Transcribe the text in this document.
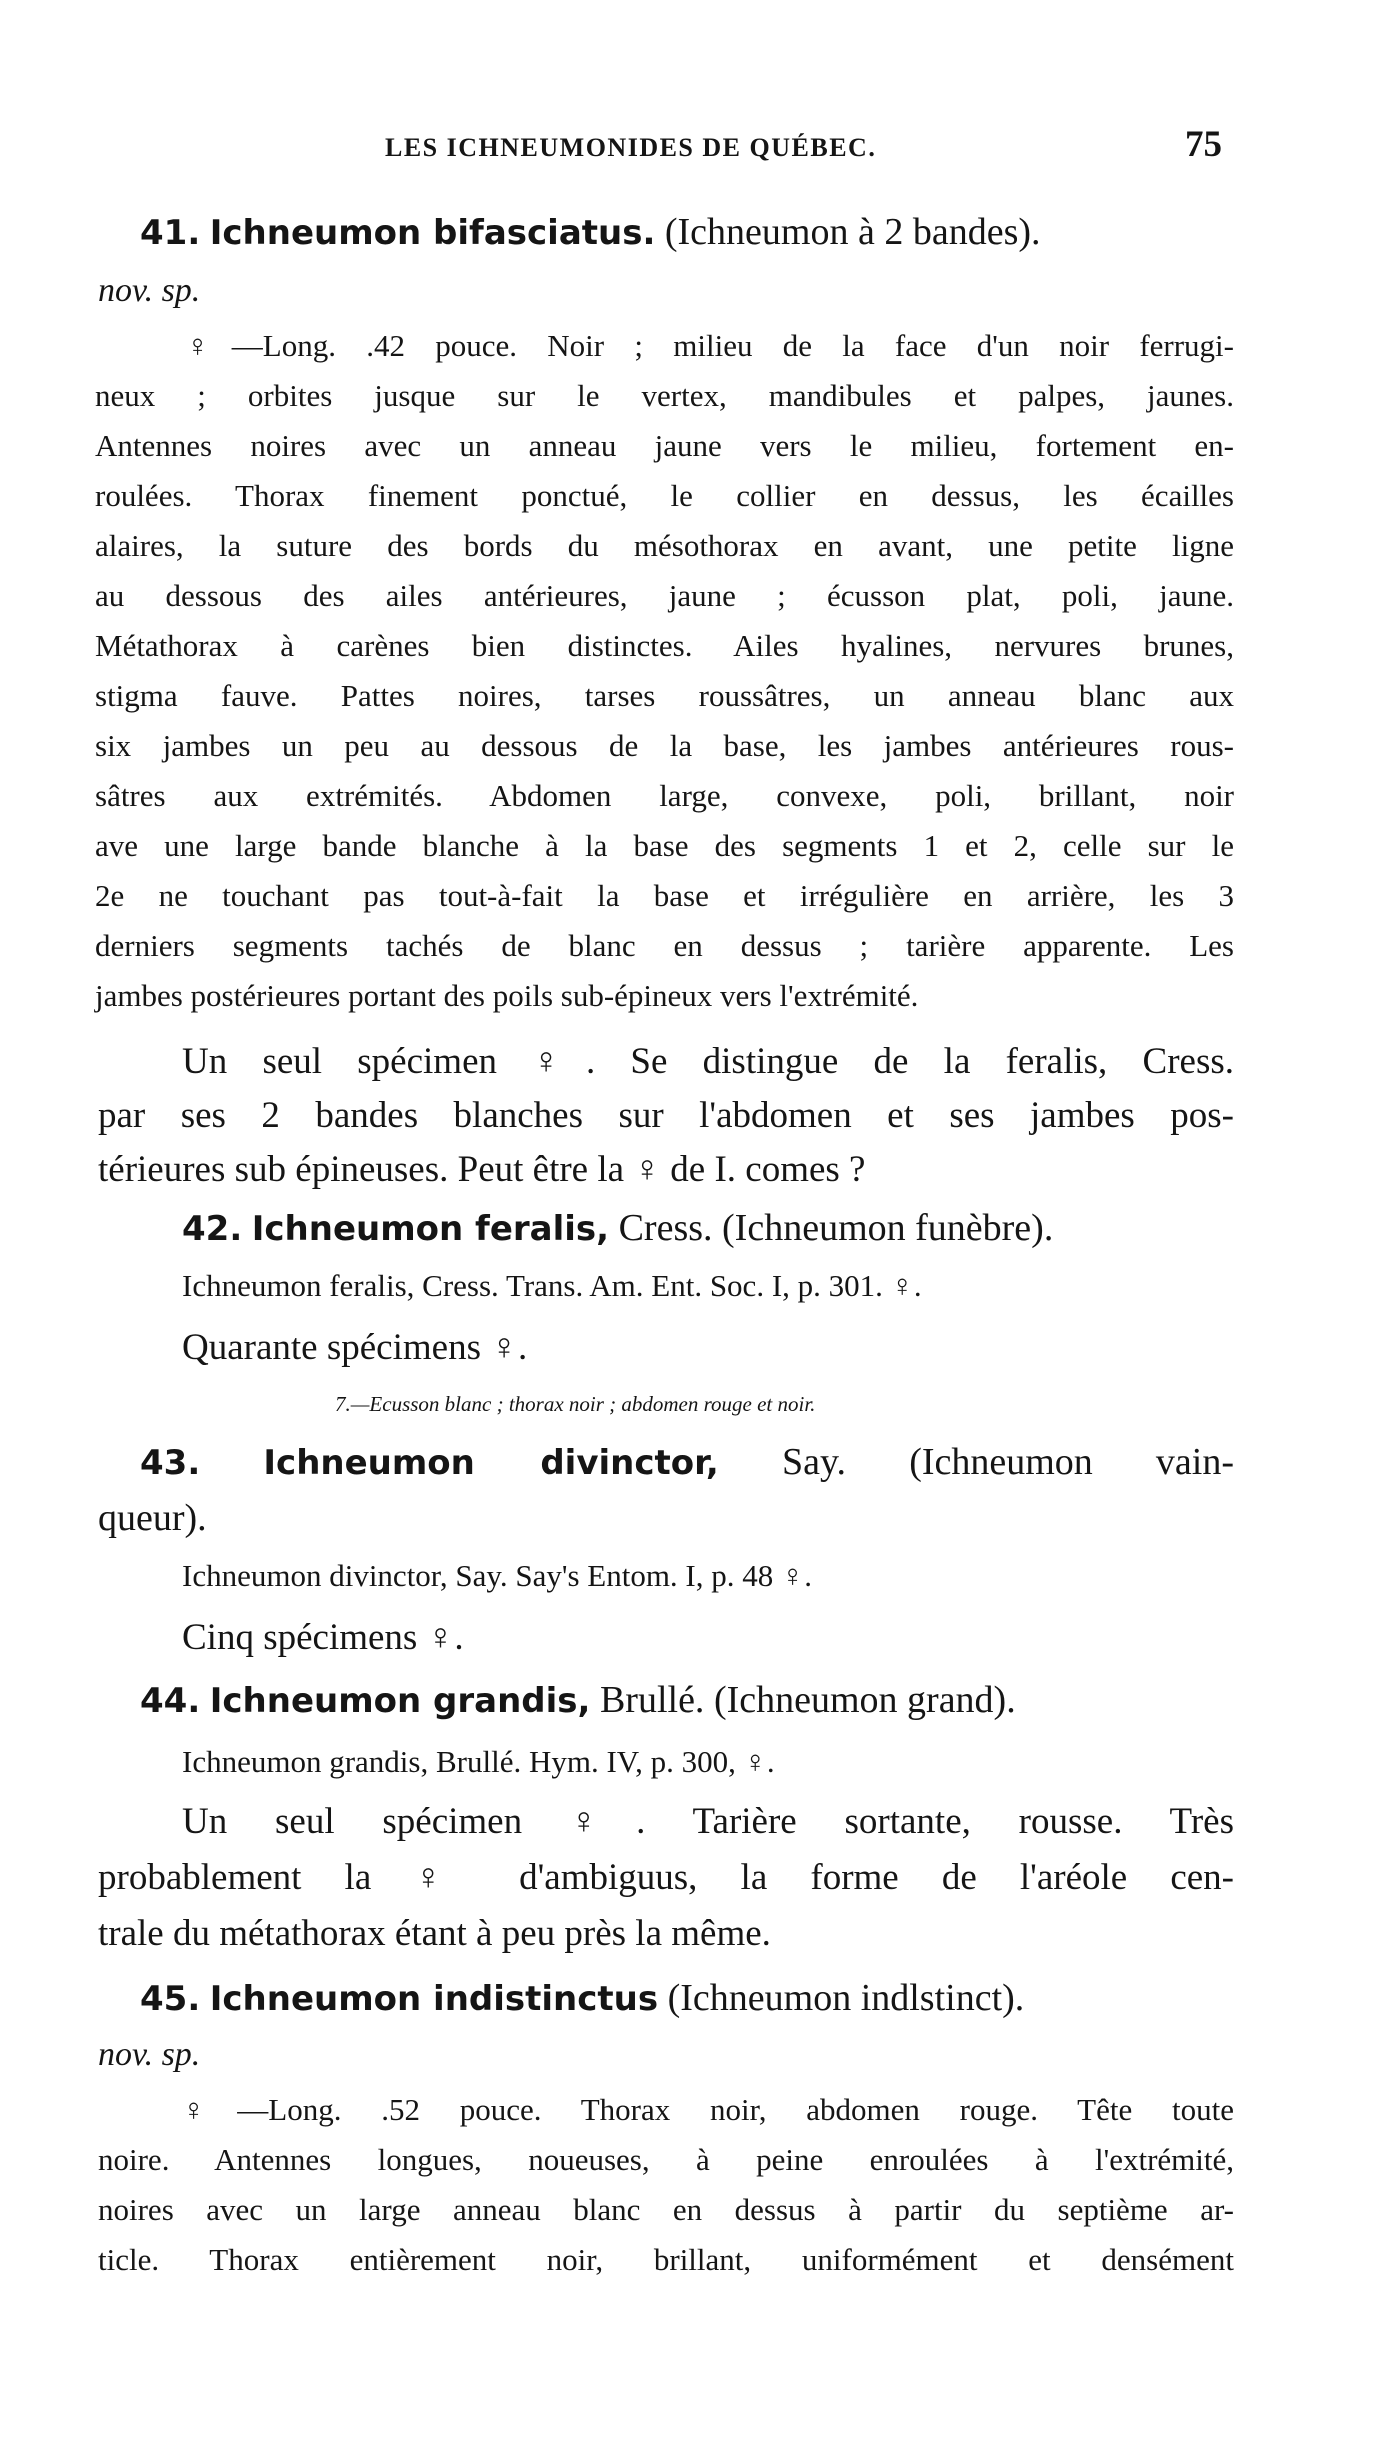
LES ICHNEUMONIDES DE QUÉBEC.	75
41. Ichneumon bifasciatus. (Ichneumon à 2 bandes).
nov. sp.
♀—Long. .42 pouce. Noir ; milieu de la face d'un noir ferrugi-
neux ; orbites jusque sur le vertex, mandibules et palpes, jaunes.
Antennes noires avec un anneau jaune vers le milieu, fortement en-
roulées. Thorax finement ponctué, le collier en dessus, les écailles
alaires, la suture des bords du mésothorax en avant, une petite ligne
au dessous des ailes antérieures, jaune ; écusson plat, poli, jaune.
Métathorax à carènes bien distinctes. Ailes hyalines, nervures brunes,
stigma fauve. Pattes noires, tarses roussâtres, un anneau blanc aux
six jambes un peu au dessous de la base, les jambes antérieures rous-
sâtres aux extrémités. Abdomen large, convexe, poli, brillant, noir
ave une large bande blanche à la base des segments 1 et 2, celle sur le
2e ne touchant pas tout-à-fait la base et irrégulière en arrière, les 3
derniers segments tachés de blanc en dessus ; tarière apparente. Les
jambes postérieures portant des poils sub-épineux vers l'extrémité.
Un seul spécimen ♀. Se distingue de la feralis, Cress.
par ses 2 bandes blanches sur l'abdomen et ses jambes pos-
térieures sub épineuses. Peut être la ♀ de I. comes ?
42. Ichneumon feralis, Cress. (Ichneumon funèbre).
Ichneumon feralis, Cress. Trans. Am. Ent. Soc. I, p. 301. ♀.
Quarante spécimens ♀.
7.—Ecusson blanc ; thorax noir ; abdomen rouge et noir.
43. Ichneumon divinctor, Say. (Ichneumon vain-
queur).
Ichneumon divinctor, Say. Say's Entom. I, p. 48 ♀.
Cinq spécimens ♀.
44. Ichneumon grandis, Brullé. (Ichneumon grand).
Ichneumon grandis, Brullé. Hym. IV, p. 300, ♀.
Un seul spécimen ♀. Tarière sortante, rousse. Très
probablement la ♀ d'ambiguus, la forme de l'aréole cen-
trale du métathorax étant à peu près la même.
45. Ichneumon indistinctus (Ichneumon indlstinct).
nov. sp.
♀—Long. .52 pouce. Thorax noir, abdomen rouge. Tête toute
noire. Antennes longues, noueuses, à peine enroulées à l'extrémité,
noires avec un large anneau blanc en dessus à partir du septième ar-
ticle. Thorax entièrement noir, brillant, uniformément et densément
